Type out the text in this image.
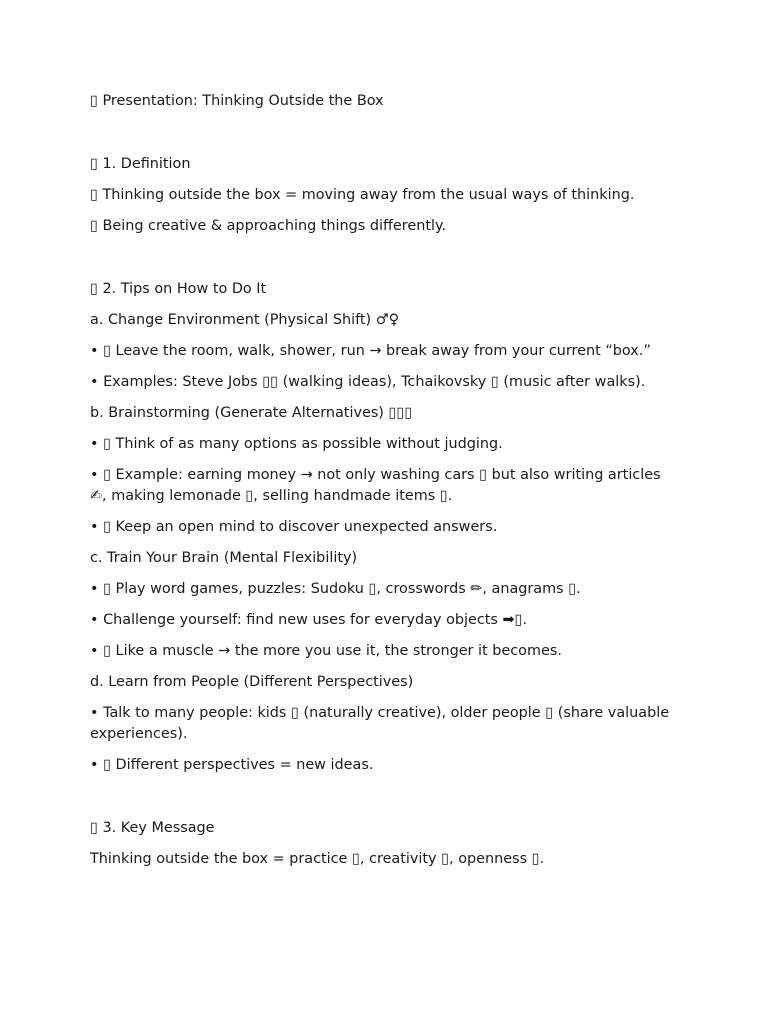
▯ Presentation: Thinking Outside the Box

▯ 1. Definition

▯ Thinking outside the box = moving away from the usual ways of thinking.

▯ Being creative & approaching things differently.

▯ 2. Tips on How to Do It

a. Change Environment (Physical Shift) ♂♀

• ▯ Leave the room, walk, shower, run → break away from your current “box.”

• Examples: Steve Jobs ▯▯ (walking ideas), Tchaikovsky ▯ (music after walks).

b. Brainstorming (Generate Alternatives) ▯▯▯

• ▯ Think of as many options as possible without judging.

• ▯ Example: earning money → not only washing cars ▯ but also writing articles ✍, making lemonade ▯, selling handmade items ▯.

• ▯ Keep an open mind to discover unexpected answers.

c. Train Your Brain (Mental Flexibility)

• ▯ Play word games, puzzles: Sudoku ▯, crosswords ✏, anagrams ▯.

• Challenge yourself: find new uses for everyday objects ➡▯.

• ▯ Like a muscle → the more you use it, the stronger it becomes.

d. Learn from People (Different Perspectives)

• Talk to many people: kids ▯ (naturally creative), older people ▯ (share valuable experiences).

• ▯ Different perspectives = new ideas.

▯ 3. Key Message

Thinking outside the box = practice ▯, creativity ▯, openness ▯.
